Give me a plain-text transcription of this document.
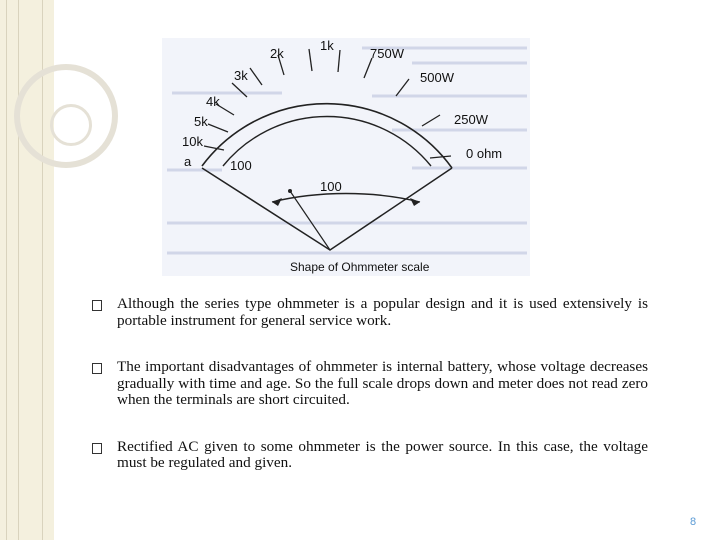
2k
3k
4k
5k
10k
a	100
1k
750W
500W
250W
0 ohm
100
Shape of Ohmmeter scale
Although the series type ohmmeter is a popular design and it is used extensively is portable instrument for general service work.
The important disadvantages of ohmmeter is internal battery, whose voltage decreases gradually with time and age. So the full scale drops down and meter does not read zero when the terminals are short circuited.
Rectified AC given to some ohmmeter is the power source. In this case, the voltage must be regulated and given.
8
